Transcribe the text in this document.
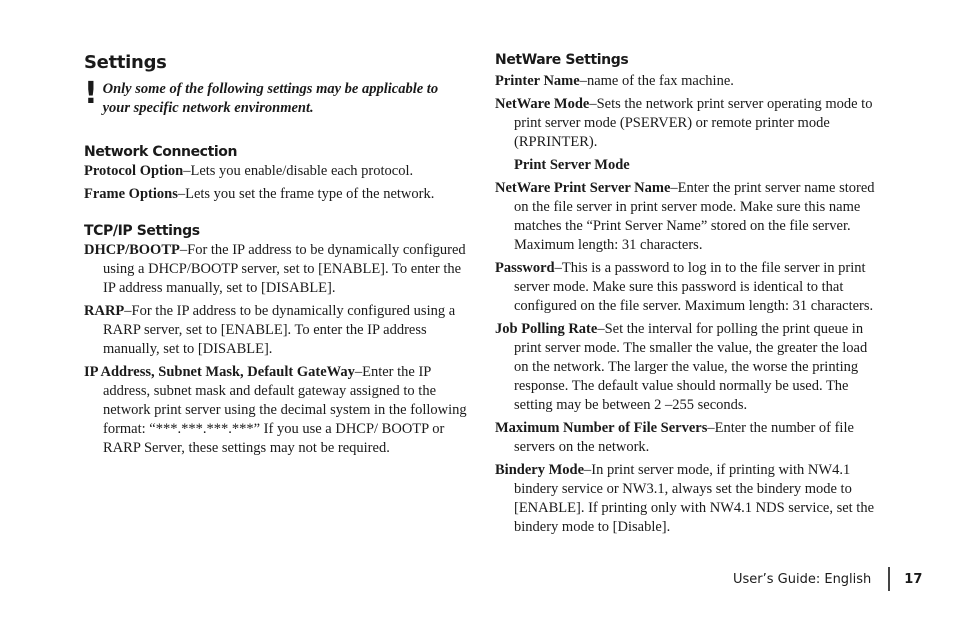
Settings
! Only some of the following settings may be applicable to your specific network environment.
Network Connection

Protocol Option–Lets you enable/disable each protocol.

Frame Options–Lets you set the frame type of the network.

TCP/IP Settings

DHCP/BOOTP–For the IP address to be dynamically configured using a DHCP/BOOTP server, set to [ENABLE]. To enter the IP address manually, set to [DISABLE].

RARP–For the IP address to be dynamically configured using a RARP server, set to [ENABLE]. To enter the IP address manually, set to [DISABLE].

IP Address, Subnet Mask, Default GateWay–Enter the IP address, subnet mask and default gateway assigned to the network print server using the decimal system in the following format: “***.***.***.***” If you use a DHCP/ BOOTP or RARP Server, these settings may not be required.

NetWare Settings

Printer Name–name of the fax machine.

NetWare Mode–Sets the network print server operating mode to print server mode (PSERVER) or remote printer mode (RPRINTER).

Print Server Mode

NetWare Print Server Name–Enter the print server name stored on the file server in print server mode. Make sure this name matches the “Print Server Name” stored on the file server. Maximum length: 31 characters.

Password–This is a password to log in to the file server in print server mode. Make sure this password is identical to that configured on the file server. Maximum length: 31 characters.

Job Polling Rate–Set the interval for polling the print queue in print server mode. The smaller the value, the greater the load on the network. The larger the value, the worse the printing response. The default value should normally be used. The setting may be between 2 –255 seconds.

Maximum Number of File Servers–Enter the number of file servers on the network.

Bindery Mode–In print server mode, if printing with NW4.1 bindery service or NW3.1, always set the bindery mode to [ENABLE]. If printing only with NW4.1 NDS service, set the bindery mode to [Disable].

User’s Guide: English	17
